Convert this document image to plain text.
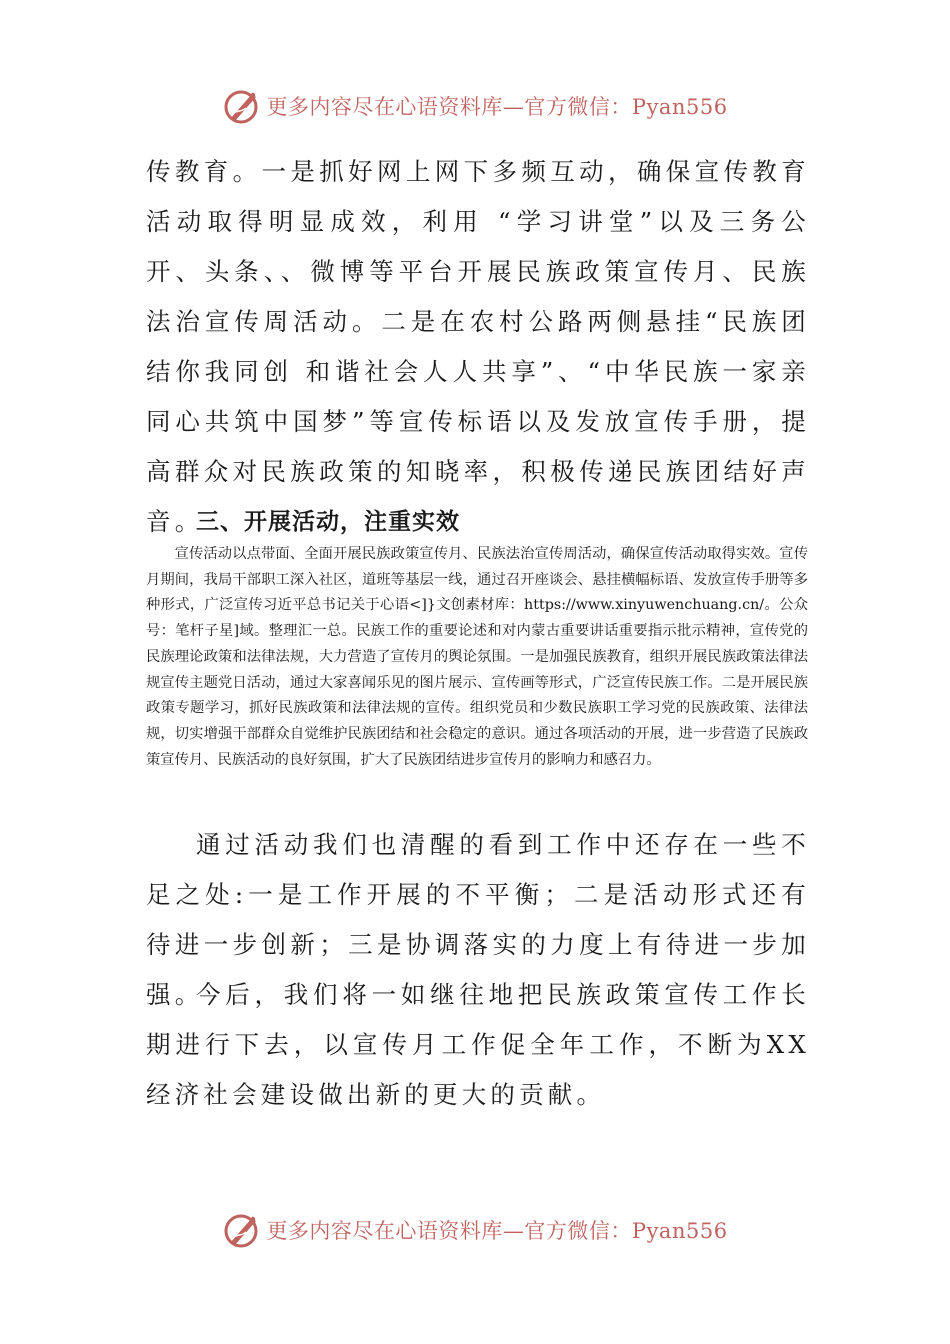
更多内容尽在心语资料库—官方微信：Pyan556

传教育。一是抓好网上网下多频互动，确保宣传教育活动取得明显成效，利用 “学习讲堂”以及三务公开、头条、、微博等平台开展民族政策宣传月、民族法治宣传周活动。二是在农村公路两侧悬挂“民族团结你我同创 和谐社会人人共享”、“中华民族一家亲 同心共筑中国梦”等宣传标语以及发放宣传手册，提高群众对民族政策的知晓率，积极传递民族团结好声音。

三、开展活动，注重实效

宣传活动以点带面、全面开展民族政策宣传月、民族法治宣传周活动，确保宣传活动取得实效。宣传月期间，我局干部职工深入社区，道班等基层一线，通过召开座谈会、悬挂横幅标语、发放宣传手册等多种形式，广泛宣传习近平总书记关于心语<]}文创素材库：https://www.xinyuwenchuang.cn/。公众号：笔杆子星]域。整理汇一总。民族工作的重要论述和对内蒙古重要讲话重要指示批示精神，宣传党的民族理论政策和法律法规，大力营造了宣传月的舆论氛围。一是加强民族教育，组织开展民族政策法律法规宣传主题党日活动，通过大家喜闻乐见的图片展示、宣传画等形式，广泛宣传民族工作。二是开展民族政策专题学习，抓好民族政策和法律法规的宣传。组织党员和少数民族职工学习党的民族政策、法律法规，切实增强干部群众自觉维护民族团结和社会稳定的意识。通过各项活动的开展，进一步营造了民族政策宣传月、民族活动的良好氛围，扩大了民族团结进步宣传月的影响力和感召力。

通过活动我们也清醒的看到工作中还存在一些不足之处:一是工作开展的不平衡；二是活动形式还有待进一步创新；三是协调落实的力度上有待进一步加强。

今后，我们将一如继往地把民族政策宣传工作长期进行下去，以宣传月工作促全年工作，不断为XX经济社会建设做出新的更大的贡献。

更多内容尽在心语资料库—官方微信：Pyan556
